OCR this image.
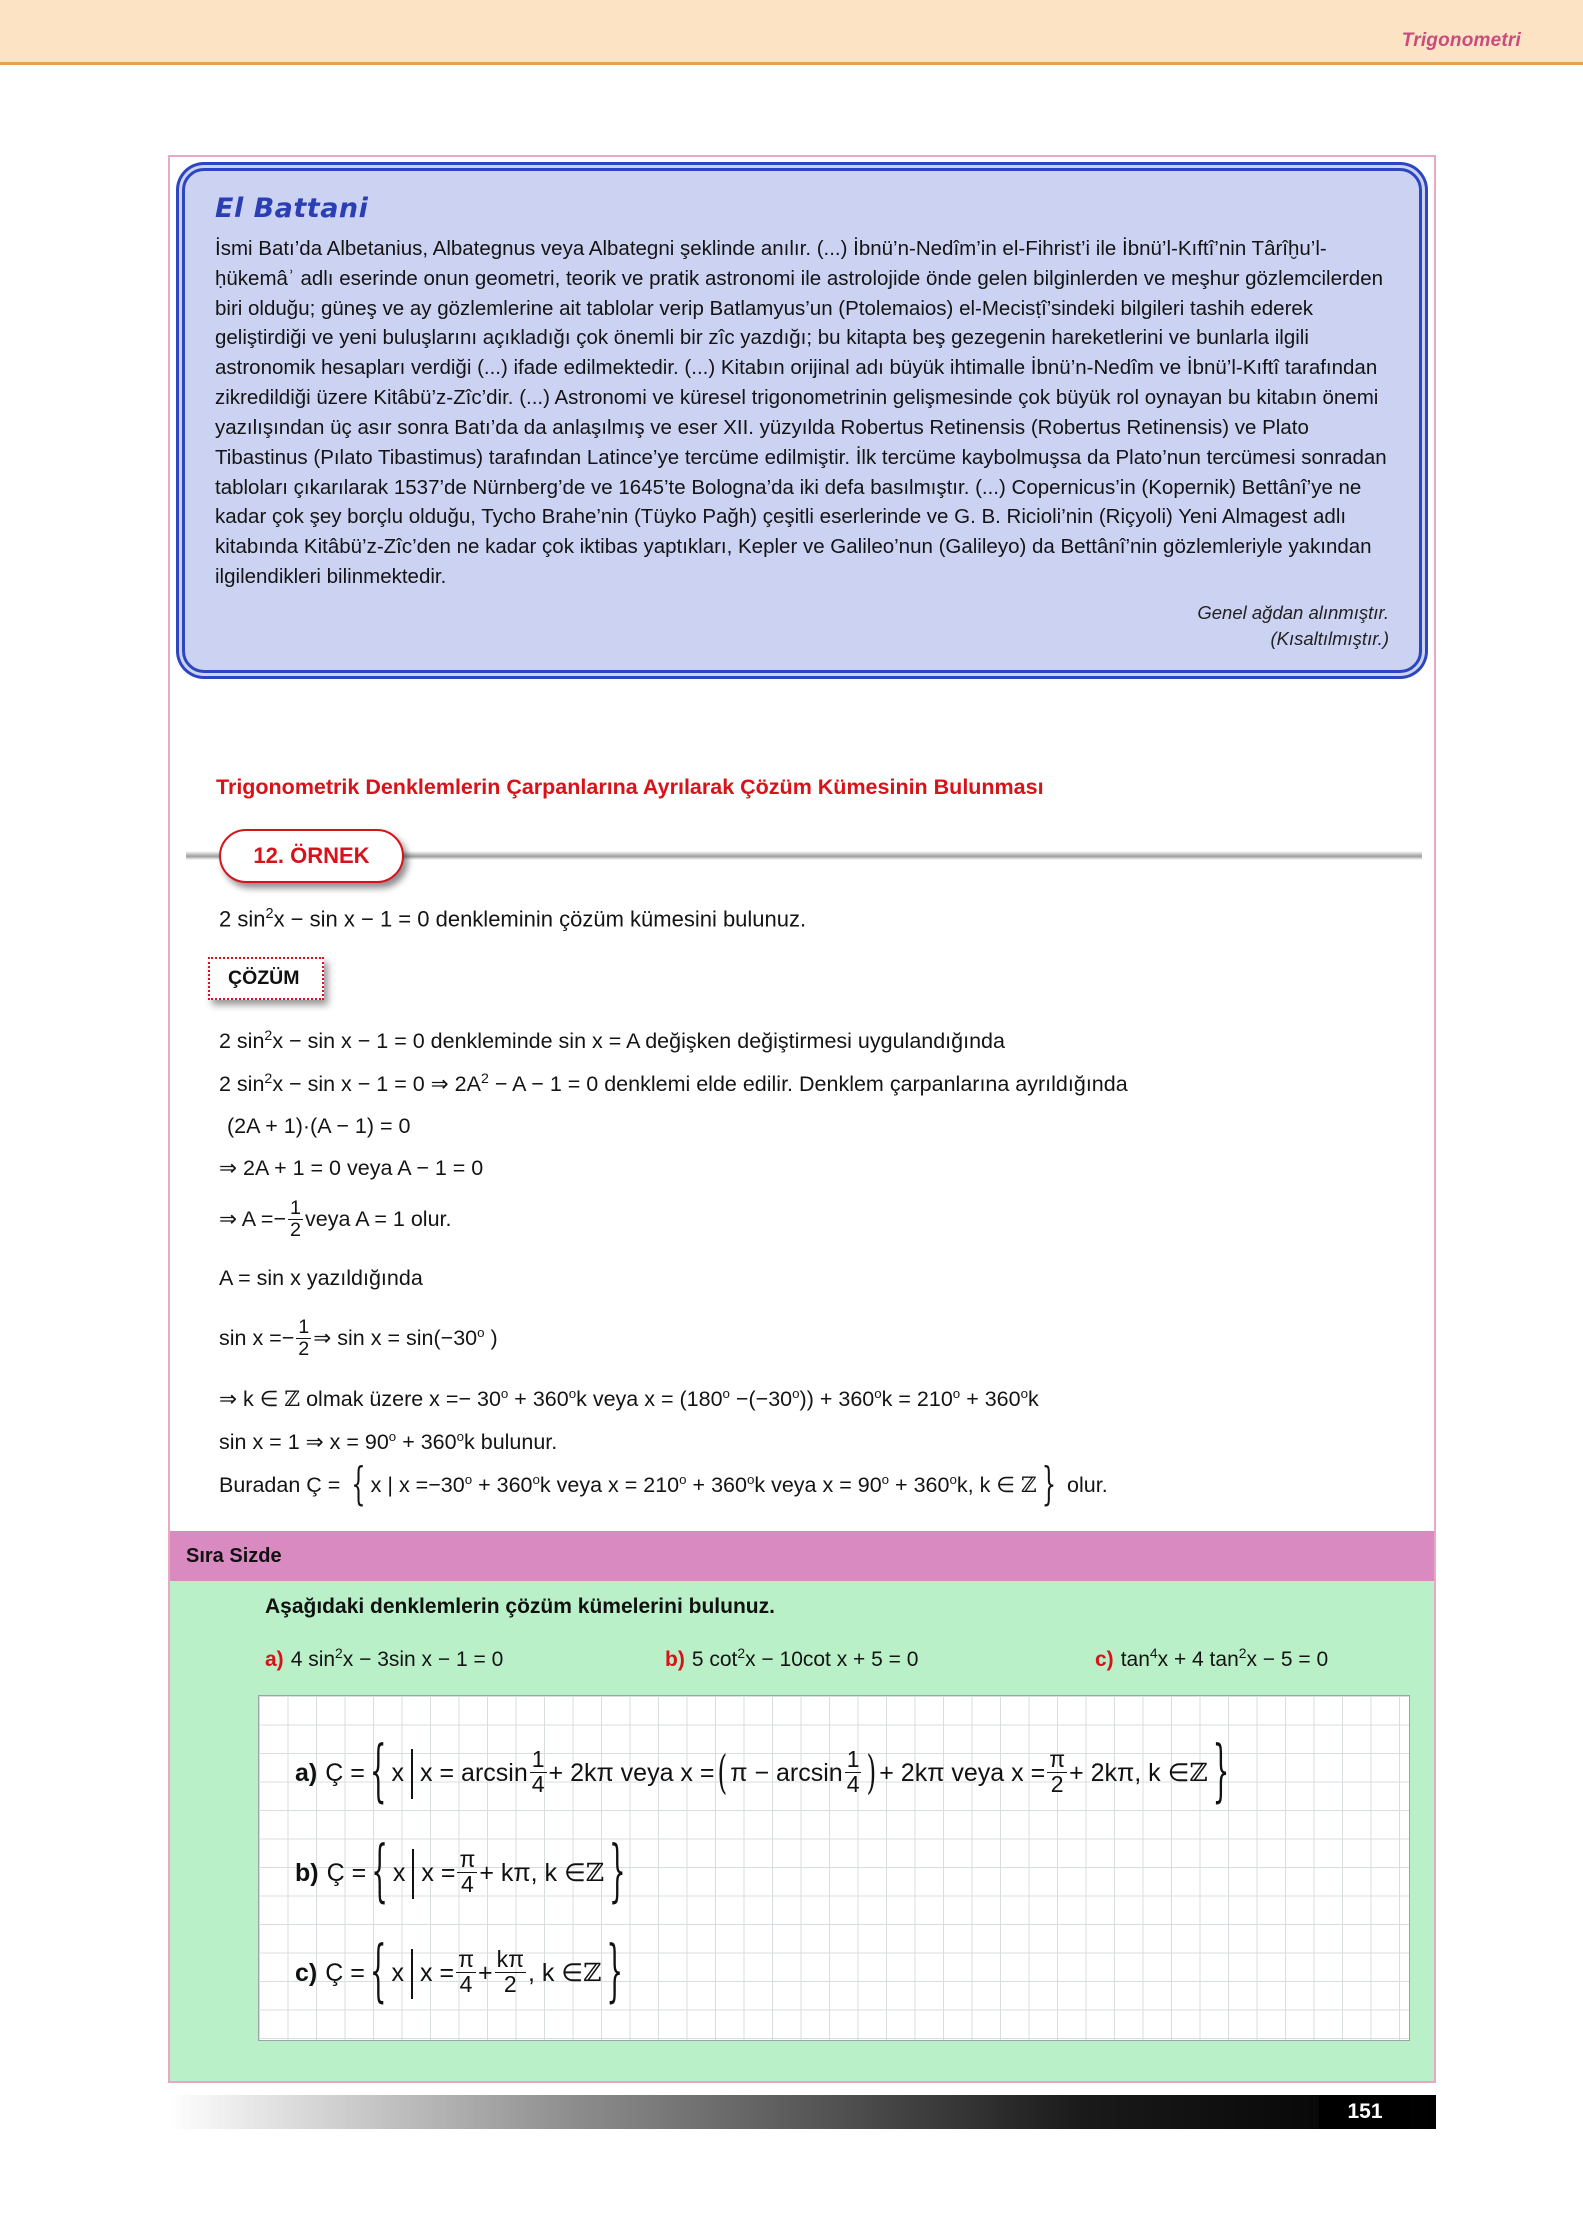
Trigonometri
El Battani
İsmi Batı’da Albetanius, Albategnus veya Albategni şeklinde anılır. (...) İbnü’n-Nedîm’in el-Fihrist’i ile İbnü’l-Kıftî’nin Târîḫu’l-ḥükemâʾ adlı eserinde onun geometri, teorik ve pratik astronomi ile astrolojide önde gelen bilginlerden ve meşhur gözlemcilerden biri olduğu; güneş ve ay gözlemlerine ait tablolar verip Batlamyus’un (Ptolemaios) el-Mecisṭî’sindeki bilgileri tashih ederek geliştirdiği ve yeni buluşlarını açıkladığı çok önemli bir zîc yazdığı; bu kitapta beş gezegenin hareketlerini ve bunlarla ilgili astronomik hesapları verdiği (...) ifade edilmektedir. (...) Kitabın orijinal adı büyük ihtimalle İbnü’n-Nedîm ve İbnü’l-Kıftî tarafından zikredildiği üzere Kitâbü’z-Zîc’dir. (...) Astronomi ve küresel trigonometrinin gelişmesinde çok büyük rol oynayan bu kitabın önemi yazılışından üç asır sonra Batı’da da anlaşılmış ve eser XII. yüzyılda Robertus Retinensis (Robertus Retinensis) ve Plato Tibastinus (Pılato Tibastimus) tarafından Latince’ye tercüme edilmiştir. İlk tercüme kaybolmuşsa da Plato’nun tercümesi sonradan tabloları çıkarılarak 1537’de Nürnberg’de ve 1645’te Bologna’da iki defa basılmıştır. (...) Copernicus’in (Kopernik) Bettânî’ye ne kadar çok şey borçlu olduğu, Tycho Brahe’nin (Tüyko Pağh) çeşitli eserlerinde ve G. B. Ricioli’nin (Riçyoli) Yeni Almagest adlı kitabında Kitâbü’z-Zîc’den ne kadar çok iktibas yaptıkları, Kepler ve Galileo’nun (Galileyo) da Bettânî’nin gözlemleriyle yakından ilgilendikleri bilinmektedir.
Genel ağdan alınmıştır.
(Kısaltılmıştır.)
Trigonometrik Denklemlerin Çarpanlarına Ayrılarak Çözüm Kümesinin Bulunması
12. ÖRNEK
2 $\sin^2x - \sin x - 1 = 0$ denkleminin çözüm kümesini bulunuz.
ÇÖZÜM
2 $\sin^2x - \sin x - 1 = 0$ denkleminde sin x = A değişken değiştirmesi uygulandığında
2 $\sin^2x - \sin x - 1 = 0$ ⇒ $2A^2 - A - 1 = 0$ denklemi elde edilir. Denklem çarpanlarına ayrıldığında
(2A + 1)·(A − 1) = 0
⇒ 2A + 1 = 0 veya A − 1 = 0
⇒ $A =- \frac{1}{2}$ veya A = 1 olur.
A = sin x yazıldığında
$\sin x =- \frac{1}{2}$ ⇒ $\sin x = \sin(-30^o$ )
⇒ k ∈ ℤ olmak üzere $x =- 30^o + 360^ok$ veya $x = (180^o -(-30^o)) + 360^ok = 210^o + 360^ok$
sin x = 1 ⇒ $x = 90^o + 360^ok$ bulunur.
Buradan Ç = { x | $x =-30^o + 360^ok$ veya $x = 210^o + 360^ok$ veya $x = 90^o + 360^ok$, k ∈ ℤ } olur.
Sıra Sizde
Aşağıdaki denklemlerin çözüm kümelerini bulunuz.
a) 4 $\sin^2x - 3\sin$ x − 1 = 0	b) 5 $\cot^2x - 10\cot$ x + 5 = 0	c) $\tan^4x + 4$ $\tan^2x - 5 = 0$
a) Ç = { x $x = \arcsin \frac{1}{4} + 2k\pi$ veya x = ( $\pi - \arcsin \frac{1}{4}$ ) + 2kπ veya $x = \frac{\pi}{2} + 2k\pi$, k ∈ℤ }
b) Ç = { x $x = \frac{\pi}{4} + k\pi$, k ∈ℤ }
c) Ç = { x $x = \frac{\pi}{4} + \frac{k\pi}{2}$ , k ∈ℤ }
151
